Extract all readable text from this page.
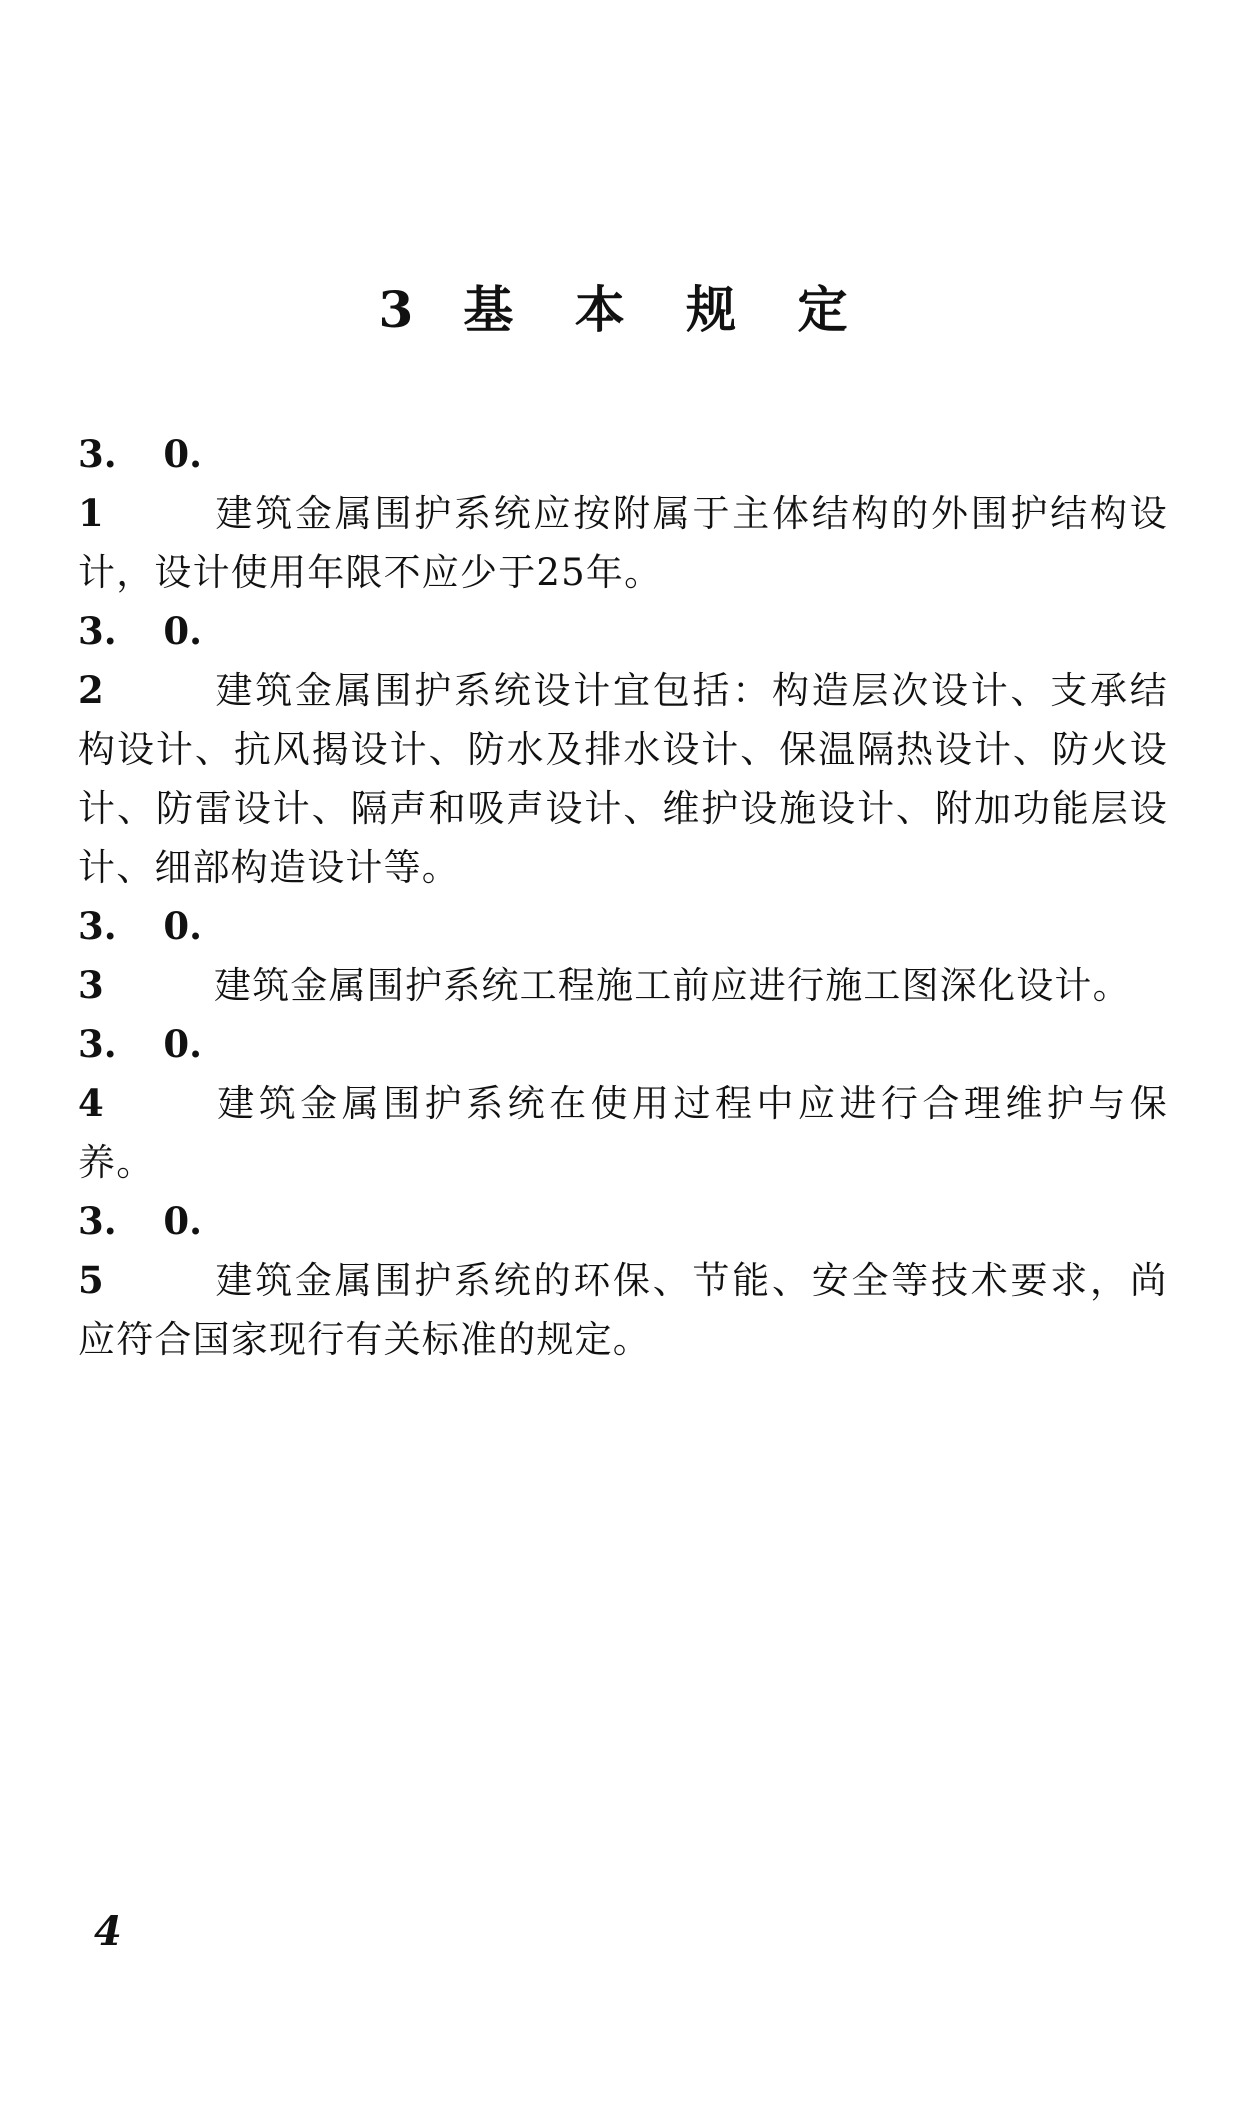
3 基 本 规 定
3. 0. 1	建筑金属围护系统应按附属于主体结构的外围护结构设计，设计使用年限不应少于25年。
3. 0. 2	建筑金属围护系统设计宜包括：构造层次设计、支承结构设计、抗风揭设计、防水及排水设计、保温隔热设计、防火设计、防雷设计、隔声和吸声设计、维护设施设计、附加功能层设计、细部构造设计等。
3. 0. 3	建筑金属围护系统工程施工前应进行施工图深化设计。
3. 0. 4	建筑金属围护系统在使用过程中应进行合理维护与保养。
3. 0. 5	建筑金属围护系统的环保、节能、安全等技术要求，尚应符合国家现行有关标准的规定。
4
